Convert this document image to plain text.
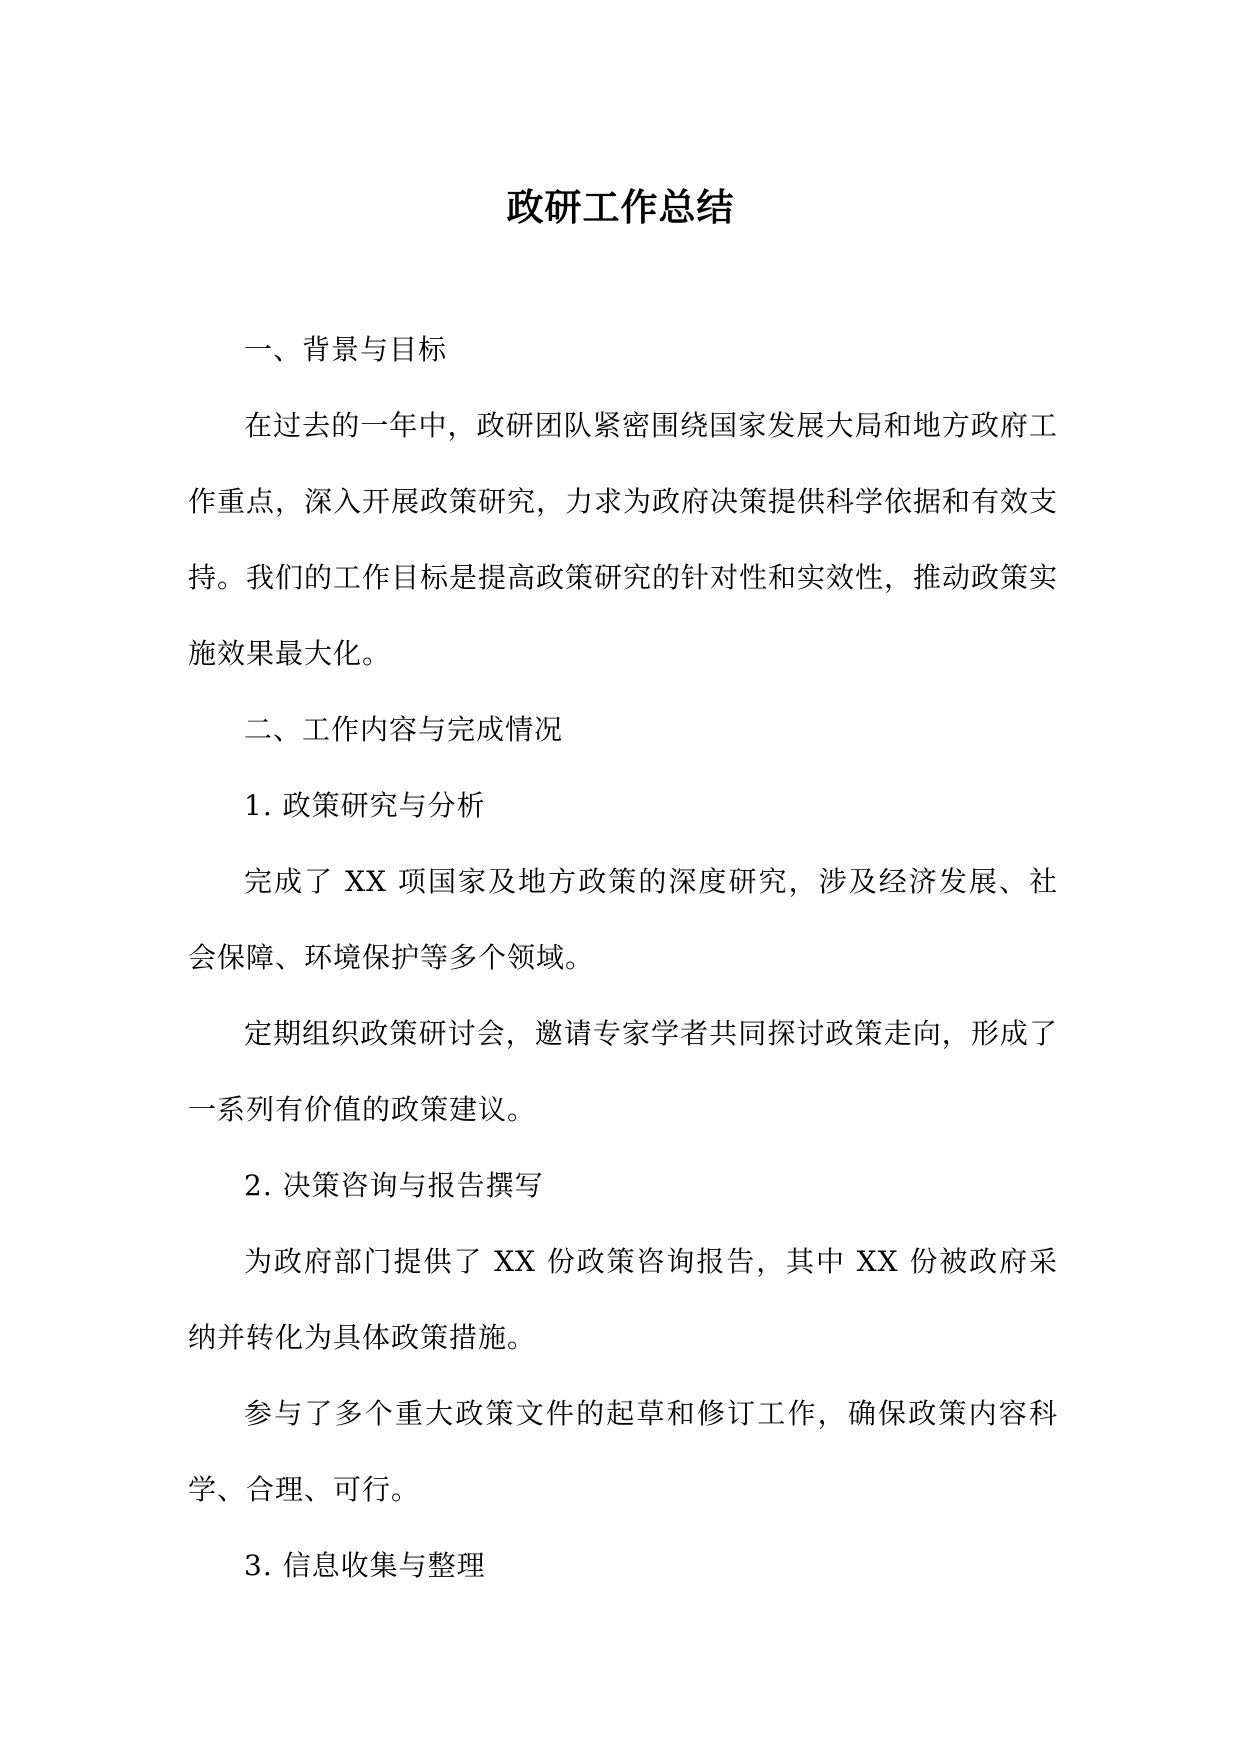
政研工作总结

一、背景与目标

在过去的一年中，政研团队紧密围绕国家发展大局和地方政府工作重点，深入开展政策研究，力求为政府决策提供科学依据和有效支持。我们的工作目标是提高政策研究的针对性和实效性，推动政策实施效果最大化。

二、工作内容与完成情况

1. 政策研究与分析

完成了 XX 项国家及地方政策的深度研究，涉及经济发展、社会保障、环境保护等多个领域。

定期组织政策研讨会，邀请专家学者共同探讨政策走向，形成了一系列有价值的政策建议。

2. 决策咨询与报告撰写

为政府部门提供了 XX 份政策咨询报告，其中 XX 份被政府采纳并转化为具体政策措施。

参与了多个重大政策文件的起草和修订工作，确保政策内容科学、合理、可行。

3. 信息收集与整理
